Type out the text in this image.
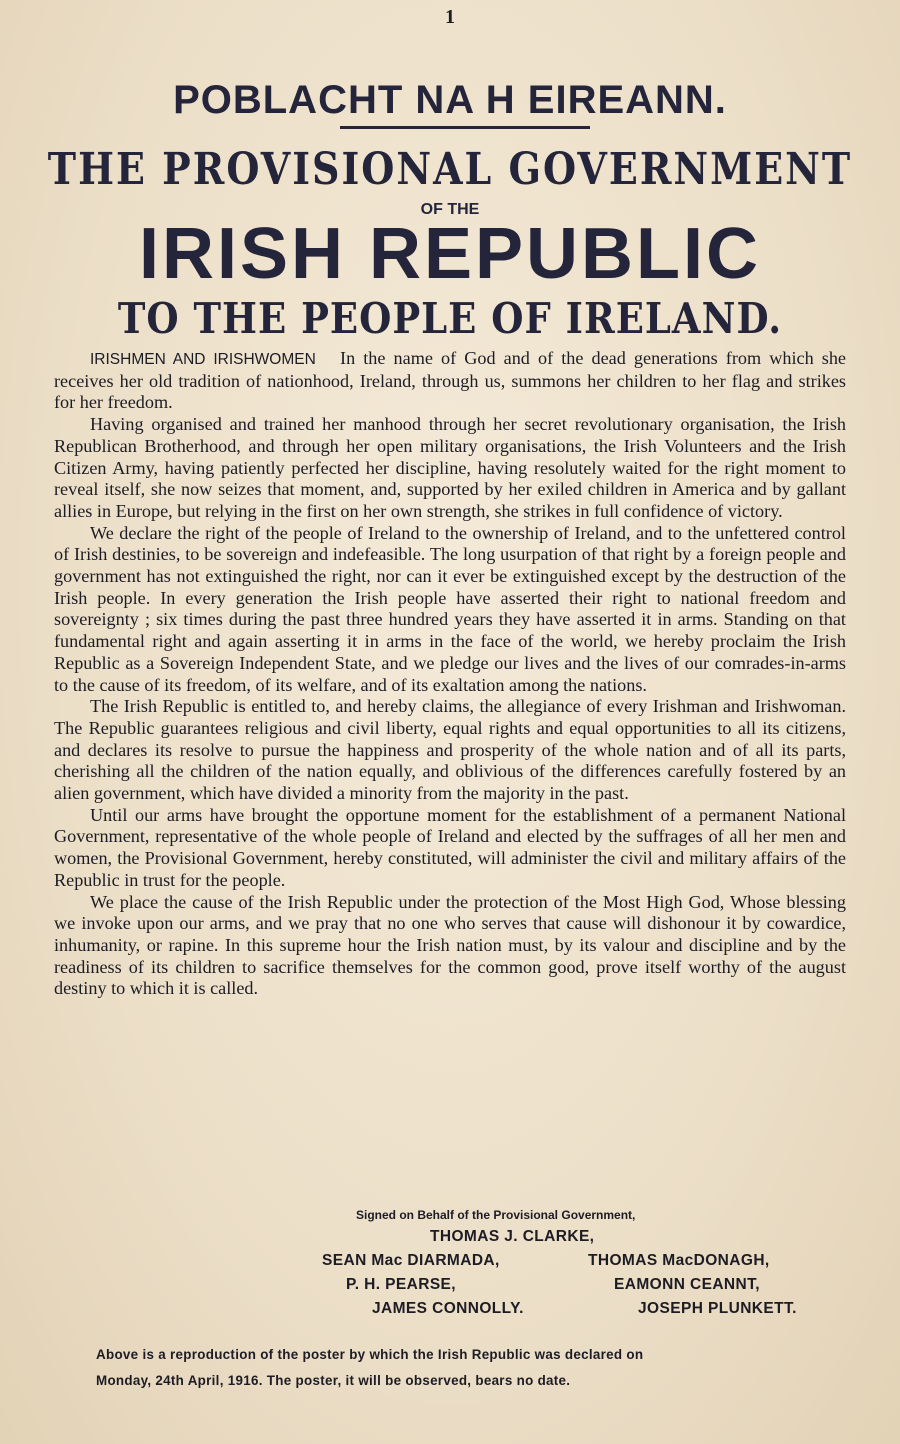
1
POBLACHT NA H EIREANN.
THE PROVISIONAL GOVERNMENT
OF THE
IRISH REPUBLIC
TO THE PEOPLE OF IRELAND.

IRISHMEN AND IRISHWOMEN In the name of God and of the dead generations from which she receives her old tradition of nationhood, Ireland, through us, summons her children to her flag and strikes for her freedom.

Having organised and trained her manhood through her secret revolutionary organisation, the Irish Republican Brotherhood, and through her open military organisations, the Irish Volunteers and the Irish Citizen Army, having patiently perfected her discipline, having resolutely waited for the right moment to reveal itself, she now seizes that moment, and, supported by her exiled children in America and by gallant allies in Europe, but relying in the first on her own strength, she strikes in full confidence of victory.

We declare the right of the people of Ireland to the ownership of Ireland, and to the unfettered control of Irish destinies, to be sovereign and indefeasible. The long usurpation of that right by a foreign people and government has not extinguished the right, nor can it ever be extinguished except by the destruction of the Irish people. In every generation the Irish people have asserted their right to national freedom and sovereignty ; six times during the past three hundred years they have asserted it in arms. Standing on that fundamental right and again asserting it in arms in the face of the world, we hereby proclaim the Irish Republic as a Sovereign Independent State, and we pledge our lives and the lives of our comrades-in-arms to the cause of its freedom, of its welfare, and of its exaltation among the nations.

The Irish Republic is entitled to, and hereby claims, the allegiance of every Irishman and Irishwoman. The Republic guarantees religious and civil liberty, equal rights and equal opportunities to all its citizens, and declares its resolve to pursue the happiness and prosperity of the whole nation and of all its parts, cherishing all the children of the nation equally, and oblivious of the differences carefully fostered by an alien government, which have divided a minority from the majority in the past.

Until our arms have brought the opportune moment for the establishment of a permanent National Government, representative of the whole people of Ireland and elected by the suffrages of all her men and women, the Provisional Government, hereby constituted, will administer the civil and military affairs of the Republic in trust for the people.

We place the cause of the Irish Republic under the protection of the Most High God, Whose blessing we invoke upon our arms, and we pray that no one who serves that cause will dishonour it by cowardice, inhumanity, or rapine. In this supreme hour the Irish nation must, by its valour and discipline and by the readiness of its children to sacrifice themselves for the common good, prove itself worthy of the august destiny to which it is called.

Signed on Behalf of the Provisional Government,
THOMAS J. CLARKE,
SEAN Mac DIARMADA,	THOMAS MacDONAGH,
P. H. PEARSE,	EAMONN CEANNT,
JAMES CONNOLLY.	JOSEPH PLUNKETT.
Above is a reproduction of the poster by which the Irish Republic was declared on
Monday, 24th April, 1916. The poster, it will be observed, bears no date.
